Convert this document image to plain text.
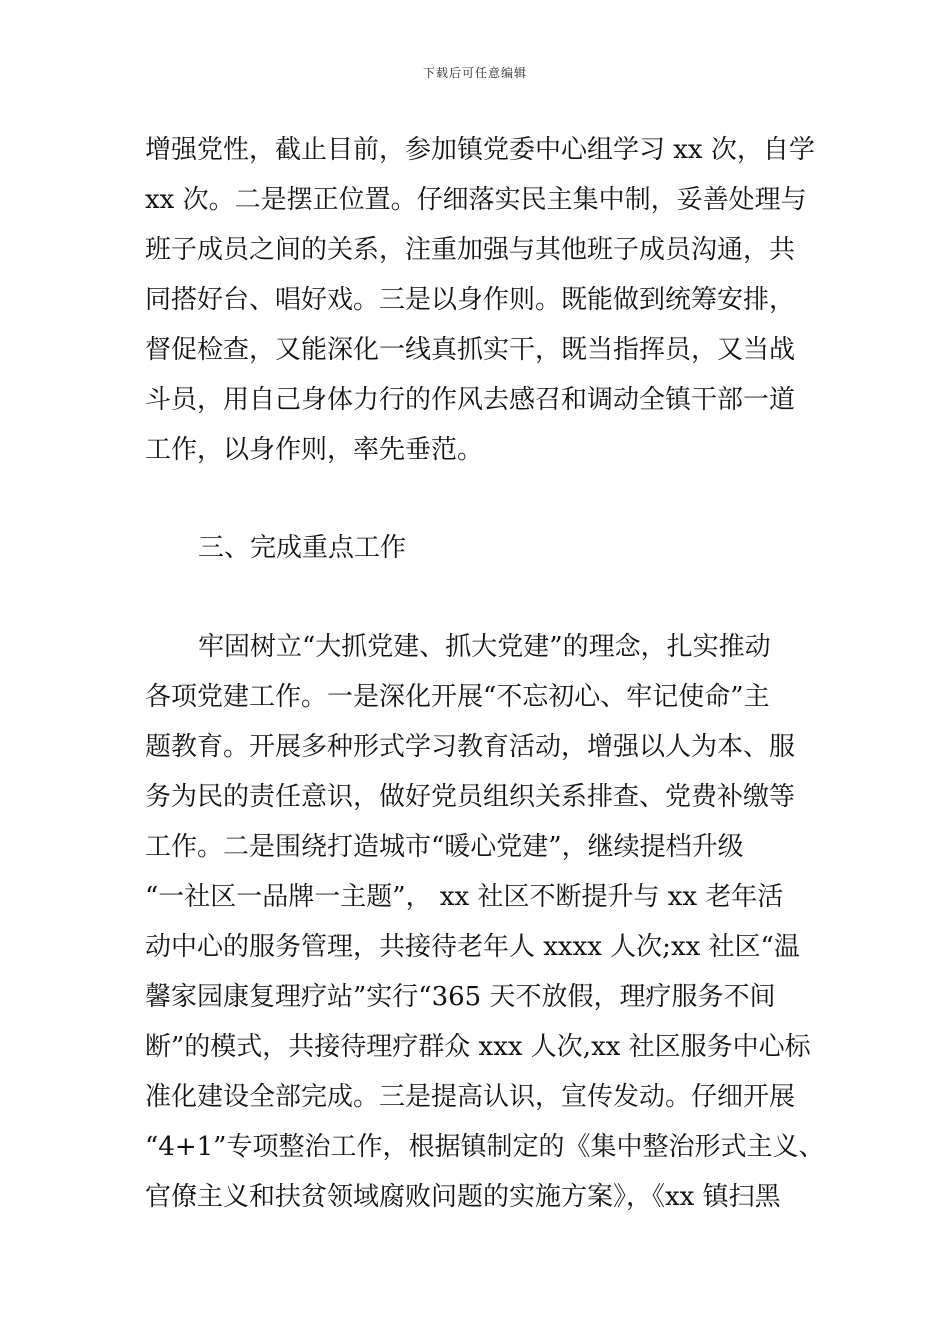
下载后可任意编辑
增强党性，截止目前，参加镇党委中心组学习 xx 次，自学
xx 次。二是摆正位置。仔细落实民主集中制，妥善处理与
班子成员之间的关系，注重加强与其他班子成员沟通，共
同搭好台、唱好戏。三是以身作则。既能做到统筹安排，
督促检查，又能深化一线真抓实干，既当指挥员，又当战
斗员，用自己身体力行的作风去感召和调动全镇干部一道
工作，以身作则，率先垂范。
三、完成重点工作
牢固树立“大抓党建、抓大党建”的理念，扎实推动
各项党建工作。一是深化开展“不忘初心、牢记使命”主
题教育。开展多种形式学习教育活动，增强以人为本、服
务为民的责任意识，做好党员组织关系排查、党费补缴等
工作。二是围绕打造城市“暖心党建”，继续提档升级
“一社区一品牌一主题”， xx 社区不断提升与 xx 老年活
动中心的服务管理，共接待老年人 xxxx 人次;xx 社区“温
馨家园康复理疗站”实行“365 天不放假，理疗服务不间
断”的模式，共接待理疗群众 xxx 人次,xx 社区服务中心标
准化建设全部完成。三是提高认识，宣传发动。仔细开展
“4+1”专项整治工作，根据镇制定的《集中整治形式主义、
官僚主义和扶贫领域腐败问题的实施方案》，《xx 镇扫黑
